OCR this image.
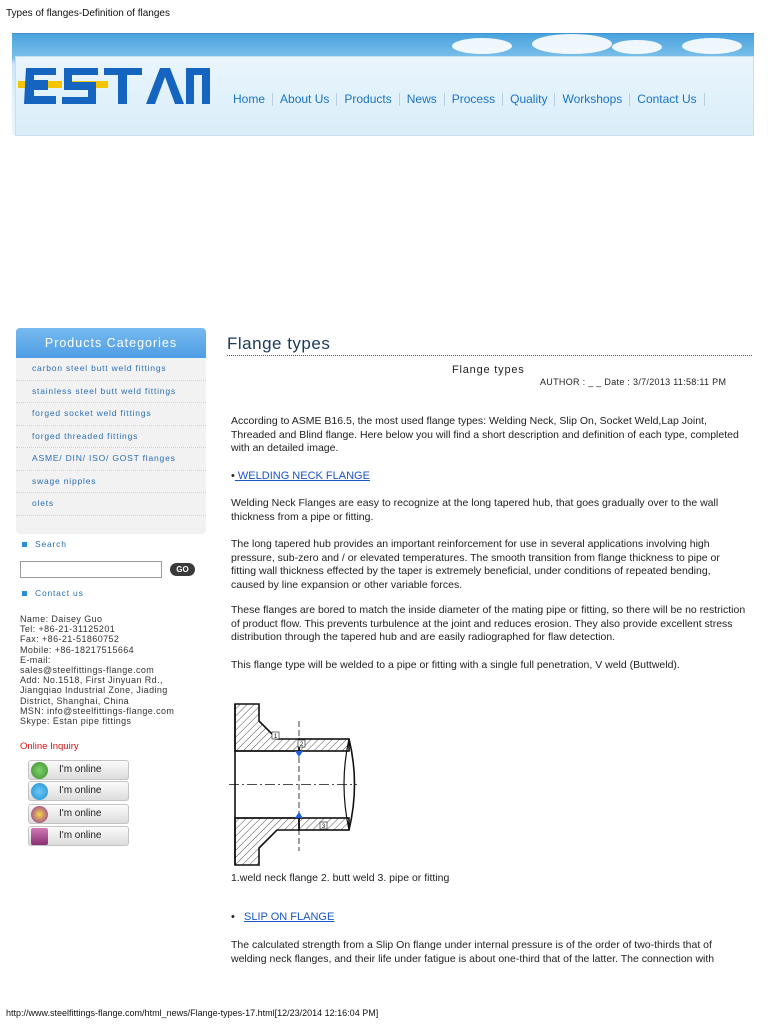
Types of flanges-Definition of flanges
Home	About Us	Products	News	Process	Quality	Workshops	Contact Us
Products Categories
carbon steel butt weld fittings
stainless steel butt weld fittings
forged socket weld fittings
forged threaded fittings
ASME/ DIN/ ISO/ GOST flanges
swage nipples
olets
Search
GO
Contact us
Name: Daisey Guo
Tel: +86-21-31125201
Fax: +86-21-51860752
Mobile: +86-18217515664
E-mail:
sales@steelfittings-flange.com
Add: No.1518, First Jinyuan Rd.,
Jiangqiao Industrial Zone, Jiading
District, Shanghai, China
MSN: info@steelfittings-flange.com
Skype: Estan pipe fittings
Online Inquiry
I'm online
I'm online
I'm online
I'm online
Flange types
Flange types
AUTHOR : _ _ Date : 3/7/2013 11:58:11 PM

According to ASME B16.5, the most used flange types: Welding Neck, Slip On, Socket Weld,Lap Joint, Threaded and Blind flange. Here below you will find a short description and definition of each type, completed with an detailed image.

• WELDING NECK FLANGE

Welding Neck Flanges are easy to recognize at the long tapered hub, that goes gradually over to the wall thickness from a pipe or fitting.

The long tapered hub provides an important reinforcement for use in several applications involving high pressure, sub-zero and / or elevated temperatures. The smooth transition from flange thickness to pipe or fitting wall thickness effected by the taper is extremely beneficial, under conditions of repeated bending, caused by line expansion or other variable forces.

These flanges are bored to match the inside diameter of the mating pipe or fitting, so there will be no restriction of product flow. This prevents turbulence at the joint and reduces erosion. They also provide excellent stress distribution through the tapered hub and are easily radiographed for flaw detection.

This flange type will be welded to a pipe or fitting with a single full penetration, V weld (Buttweld).

1
2
3
1.weld neck flange 2. butt weld 3. pipe or fitting
•   SLIP ON FLANGE

The calculated strength from a Slip On flange under internal pressure is of the order of two-thirds that of welding neck flanges, and their life under fatigue is about one-third that of the latter. The connection with

http://www.steelfittings-flange.com/html_news/Flange-types-17.html[12/23/2014 12:16:04 PM]
